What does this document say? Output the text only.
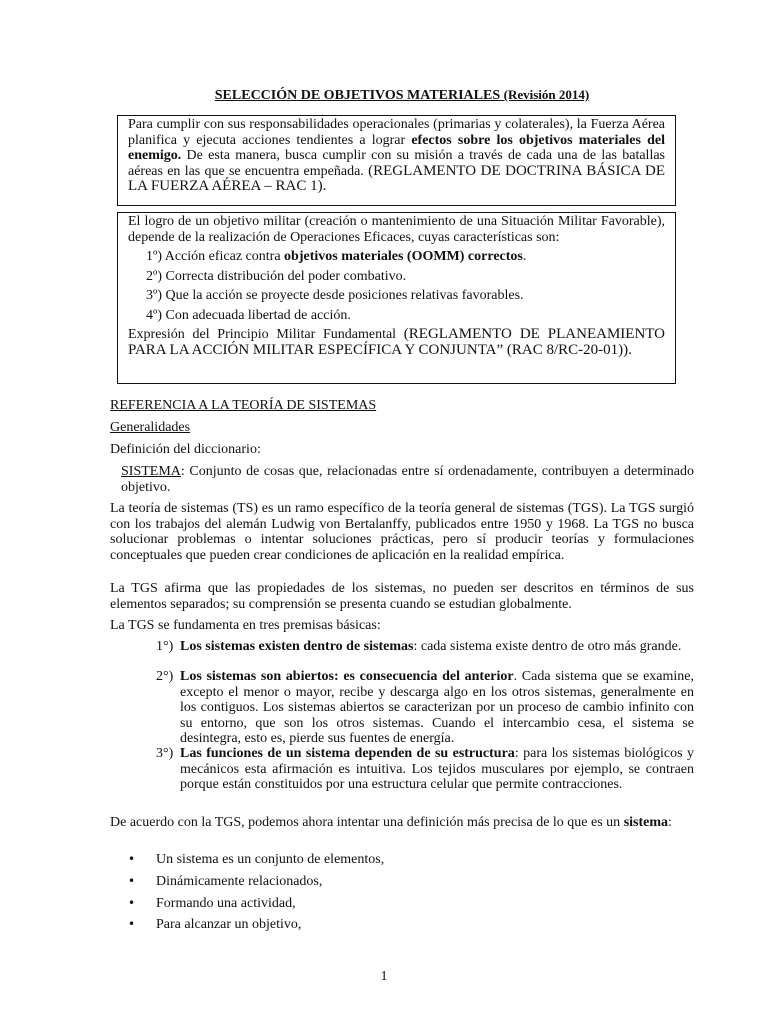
SELECCIÓN DE OBJETIVOS MATERIALES (Revisión 2014)

Para cumplir con sus responsabilidades operacionales (primarias y colaterales), la Fuerza Aérea planifica y ejecuta acciones tendientes a lograr efectos sobre los objetivos materiales del enemigo. De esta manera, busca cumplir con su misión a través de cada una de las batallas aéreas en las que se encuentra empeñada. (REGLAMENTO DE DOCTRINA BÁSICA DE LA FUERZA AÉREA – RAC 1).

El logro de un objetivo militar (creación o mantenimiento de una Situación Militar Favorable), depende de la realización de Operaciones Eficaces, cuyas características son:

1º) Acción eficaz contra objetivos materiales (OOMM) correctos.

2º) Correcta distribución del poder combativo.

3º) Que la acción se proyecte desde posiciones relativas favorables.

4º) Con adecuada libertad de acción.

Expresión del Principio Militar Fundamental (REGLAMENTO DE PLANEAMIENTO PARA LA ACCIÓN MILITAR ESPECÍFICA Y CONJUNTA” (RAC 8/RC-20-01)).

REFERENCIA A LA TEORÍA DE SISTEMAS
Generalidades
Definición del diccionario:
SISTEMA: Conjunto de cosas que, relacionadas entre sí ordenadamente, contribuyen a determinado objetivo.
La teoría de sistemas (TS) es un ramo específico de la teoría general de sistemas (TGS). La TGS surgió con los trabajos del alemán Ludwig von Bertalanffy, publicados entre 1950 y 1968. La TGS no busca solucionar problemas o intentar soluciones prácticas, pero sí producir teorías y formulaciones conceptuales que pueden crear condiciones de aplicación en la realidad empírica.
La TGS afirma que las propiedades de los sistemas, no pueden ser descritos en términos de sus elementos separados; su comprensión se presenta cuando se estudian globalmente.
La TGS se fundamenta en tres premisas básicas:
1°) Los sistemas existen dentro de sistemas: cada sistema existe dentro de otro más grande.
2°) Los sistemas son abiertos: es consecuencia del anterior. Cada sistema que se examine, excepto el menor o mayor, recibe y descarga algo en los otros sistemas, generalmente en los contiguos. Los sistemas abiertos se caracterizan por un proceso de cambio infinito con su entorno, que son los otros sistemas. Cuando el intercambio cesa, el sistema se desintegra, esto es, pierde sus fuentes de energía.
3°) Las funciones de un sistema dependen de su estructura: para los sistemas biológicos y mecánicos esta afirmación es intuitiva. Los tejidos musculares por ejemplo, se contraen porque están constituidos por una estructura celular que permite contracciones.
De acuerdo con la TGS, podemos ahora intentar una definición más precisa de lo que es un sistema:
• Un sistema es un conjunto de elementos,
• Dinámicamente relacionados,
• Formando una actividad,
• Para alcanzar un objetivo,
1
